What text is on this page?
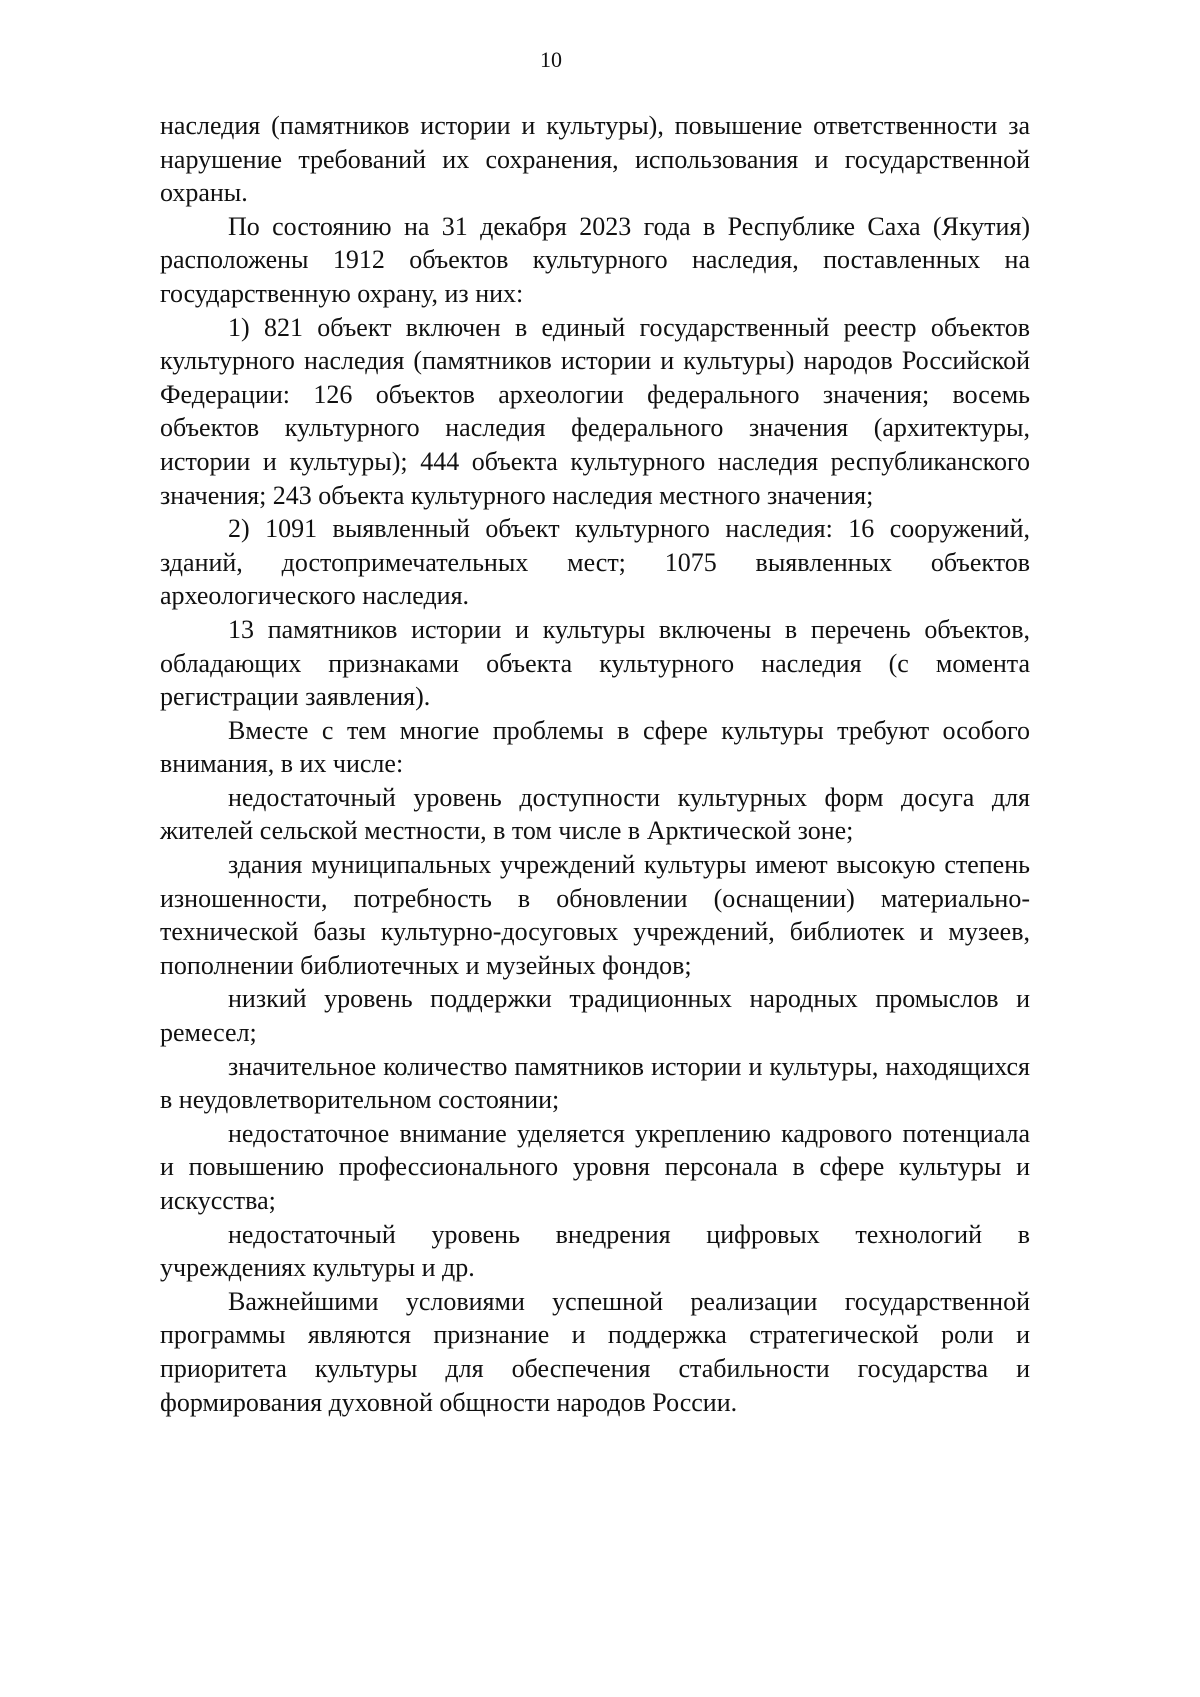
10

наследия (памятников истории и культуры), повышение ответственности за нарушение требований их сохранения, использования и государственной охраны.

По состоянию на 31 декабря 2023 года в Республике Саха (Якутия) расположены 1912 объектов культурного наследия, поставленных на государственную охрану, из них:

1) 821 объект включен в единый государственный реестр объектов культурного наследия (памятников истории и культуры) народов Российской Федерации: 126 объектов археологии федерального значения; восемь объектов культурного наследия федерального значения (архитектуры, истории и культуры); 444 объекта культурного наследия республиканского значения; 243 объекта культурного наследия местного значения;

2) 1091 выявленный объект культурного наследия: 16 сооружений, зданий, достопримечательных мест; 1075 выявленных объектов археологического наследия.

13 памятников истории и культуры включены в перечень объектов, обладающих признаками объекта культурного наследия (с момента регистрации заявления).

Вместе с тем многие проблемы в сфере культуры требуют особого внимания, в их числе:

недостаточный уровень доступности культурных форм досуга для жителей сельской местности, в том числе в Арктической зоне;

здания муниципальных учреждений культуры имеют высокую степень изношенности, потребность в обновлении (оснащении) материально-технической базы культурно-досуговых учреждений, библиотек и музеев, пополнении библиотечных и музейных фондов;

низкий уровень поддержки традиционных народных промыслов и ремесел;

значительное количество памятников истории и культуры, находящихся в неудовлетворительном состоянии;

недостаточное внимание уделяется укреплению кадрового потенциала и повышению профессионального уровня персонала в сфере культуры и искусства;

недостаточный уровень внедрения цифровых технологий в учреждениях культуры и др.

Важнейшими условиями успешной реализации государственной программы являются признание и поддержка стратегической роли и приоритета культуры для обеспечения стабильности государства и формирования духовной общности народов России.
